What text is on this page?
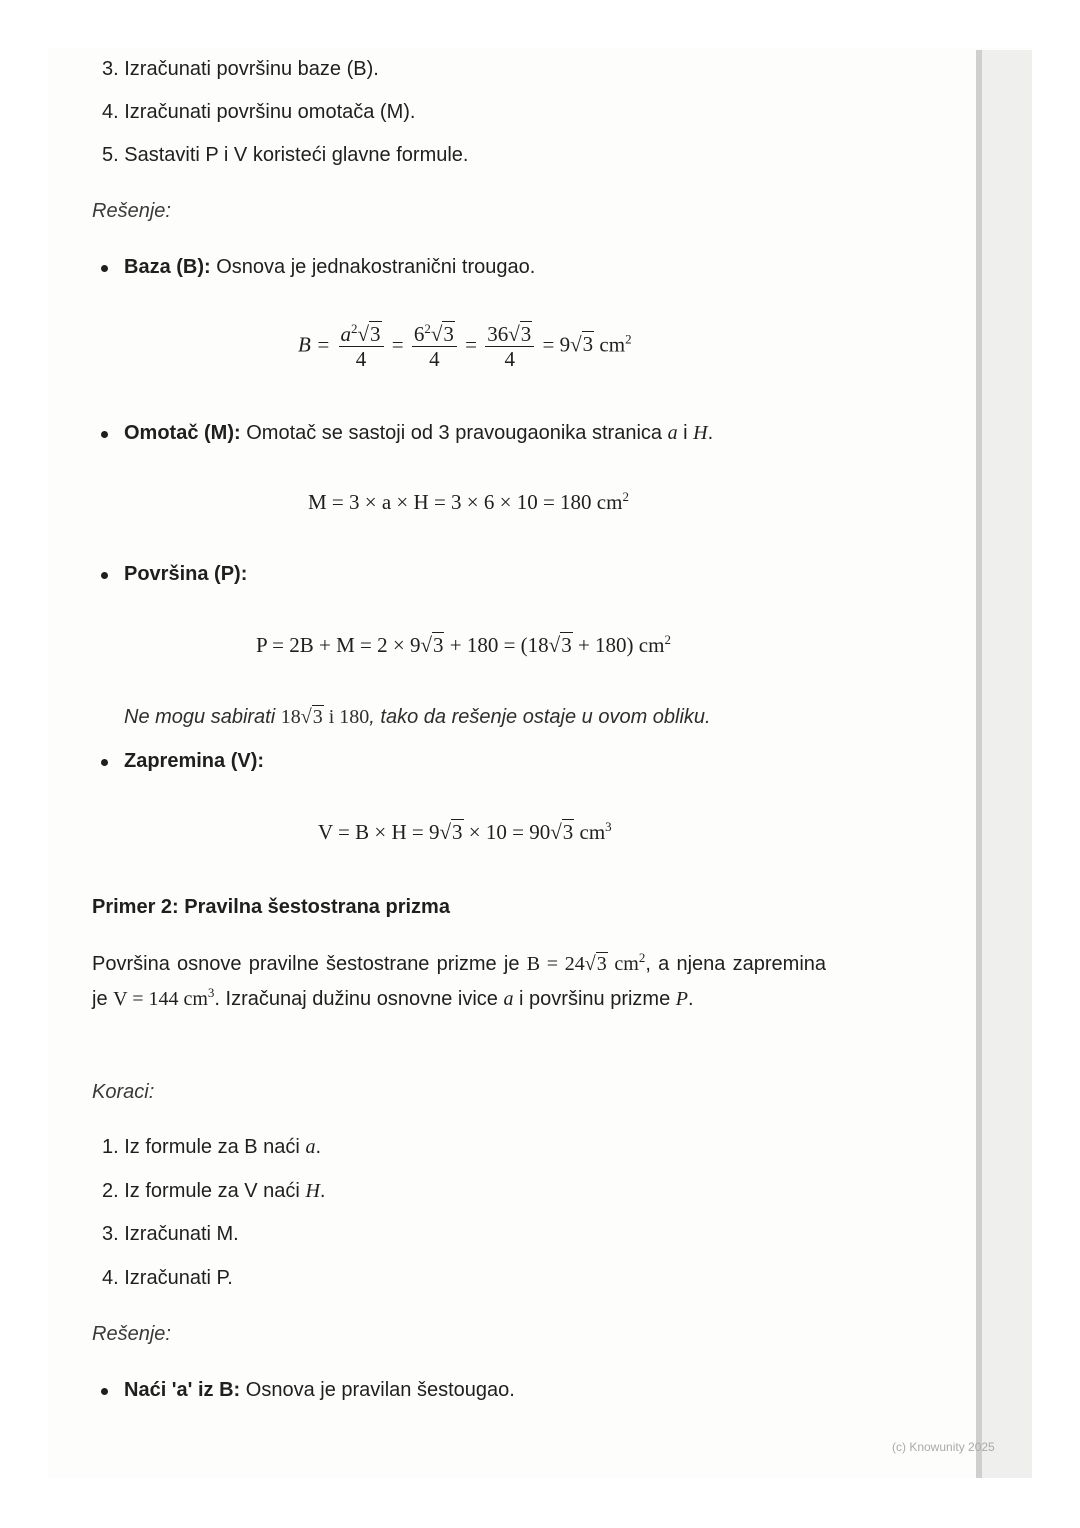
3. Izračunati površinu baze (B).
4. Izračunati površinu omotača (M).
5. Sastaviti P i V koristeći glavne formule.
Rešenje:
Baza (B): Osnova je jednakostranični trougao.
$B = \frac{a^2√3}{4} = \frac{6^2√3}{4} = \frac{36√3}{4} = 9√3$ $cm^2$
Omotač (M): Omotač se sastoji od 3 pravougaonika stranica a i H.
M = 3 × a × H = 3 × 6 × 10 = 180 $cm^2$
Površina (P):
P = 2B + M = 2 × 9√3 + 180 = (18√3 + 180) $cm^2$
Ne mogu sabirati 18√3 i 180, tako da rešenje ostaje u ovom obliku.
Zapremina (V):
V = B × H = 9√3 × 10 = 90√3 $cm^3$
Primer 2: Pravilna šestostrana prizma
Površina osnove pravilne šestostrane prizme je B = 24√3 $cm^2$, a njena zapremina je V = 144 $cm^3$. Izračunaj dužinu osnovne ivice a i površinu prizme P.
Koraci:
1. Iz formule za B naći a.
2. Iz formule za V naći H.
3. Izračunati M.
4. Izračunati P.
Rešenje:
Naći 'a' iz B: Osnova je pravilan šestougao.
(c) Knowunity 2025
